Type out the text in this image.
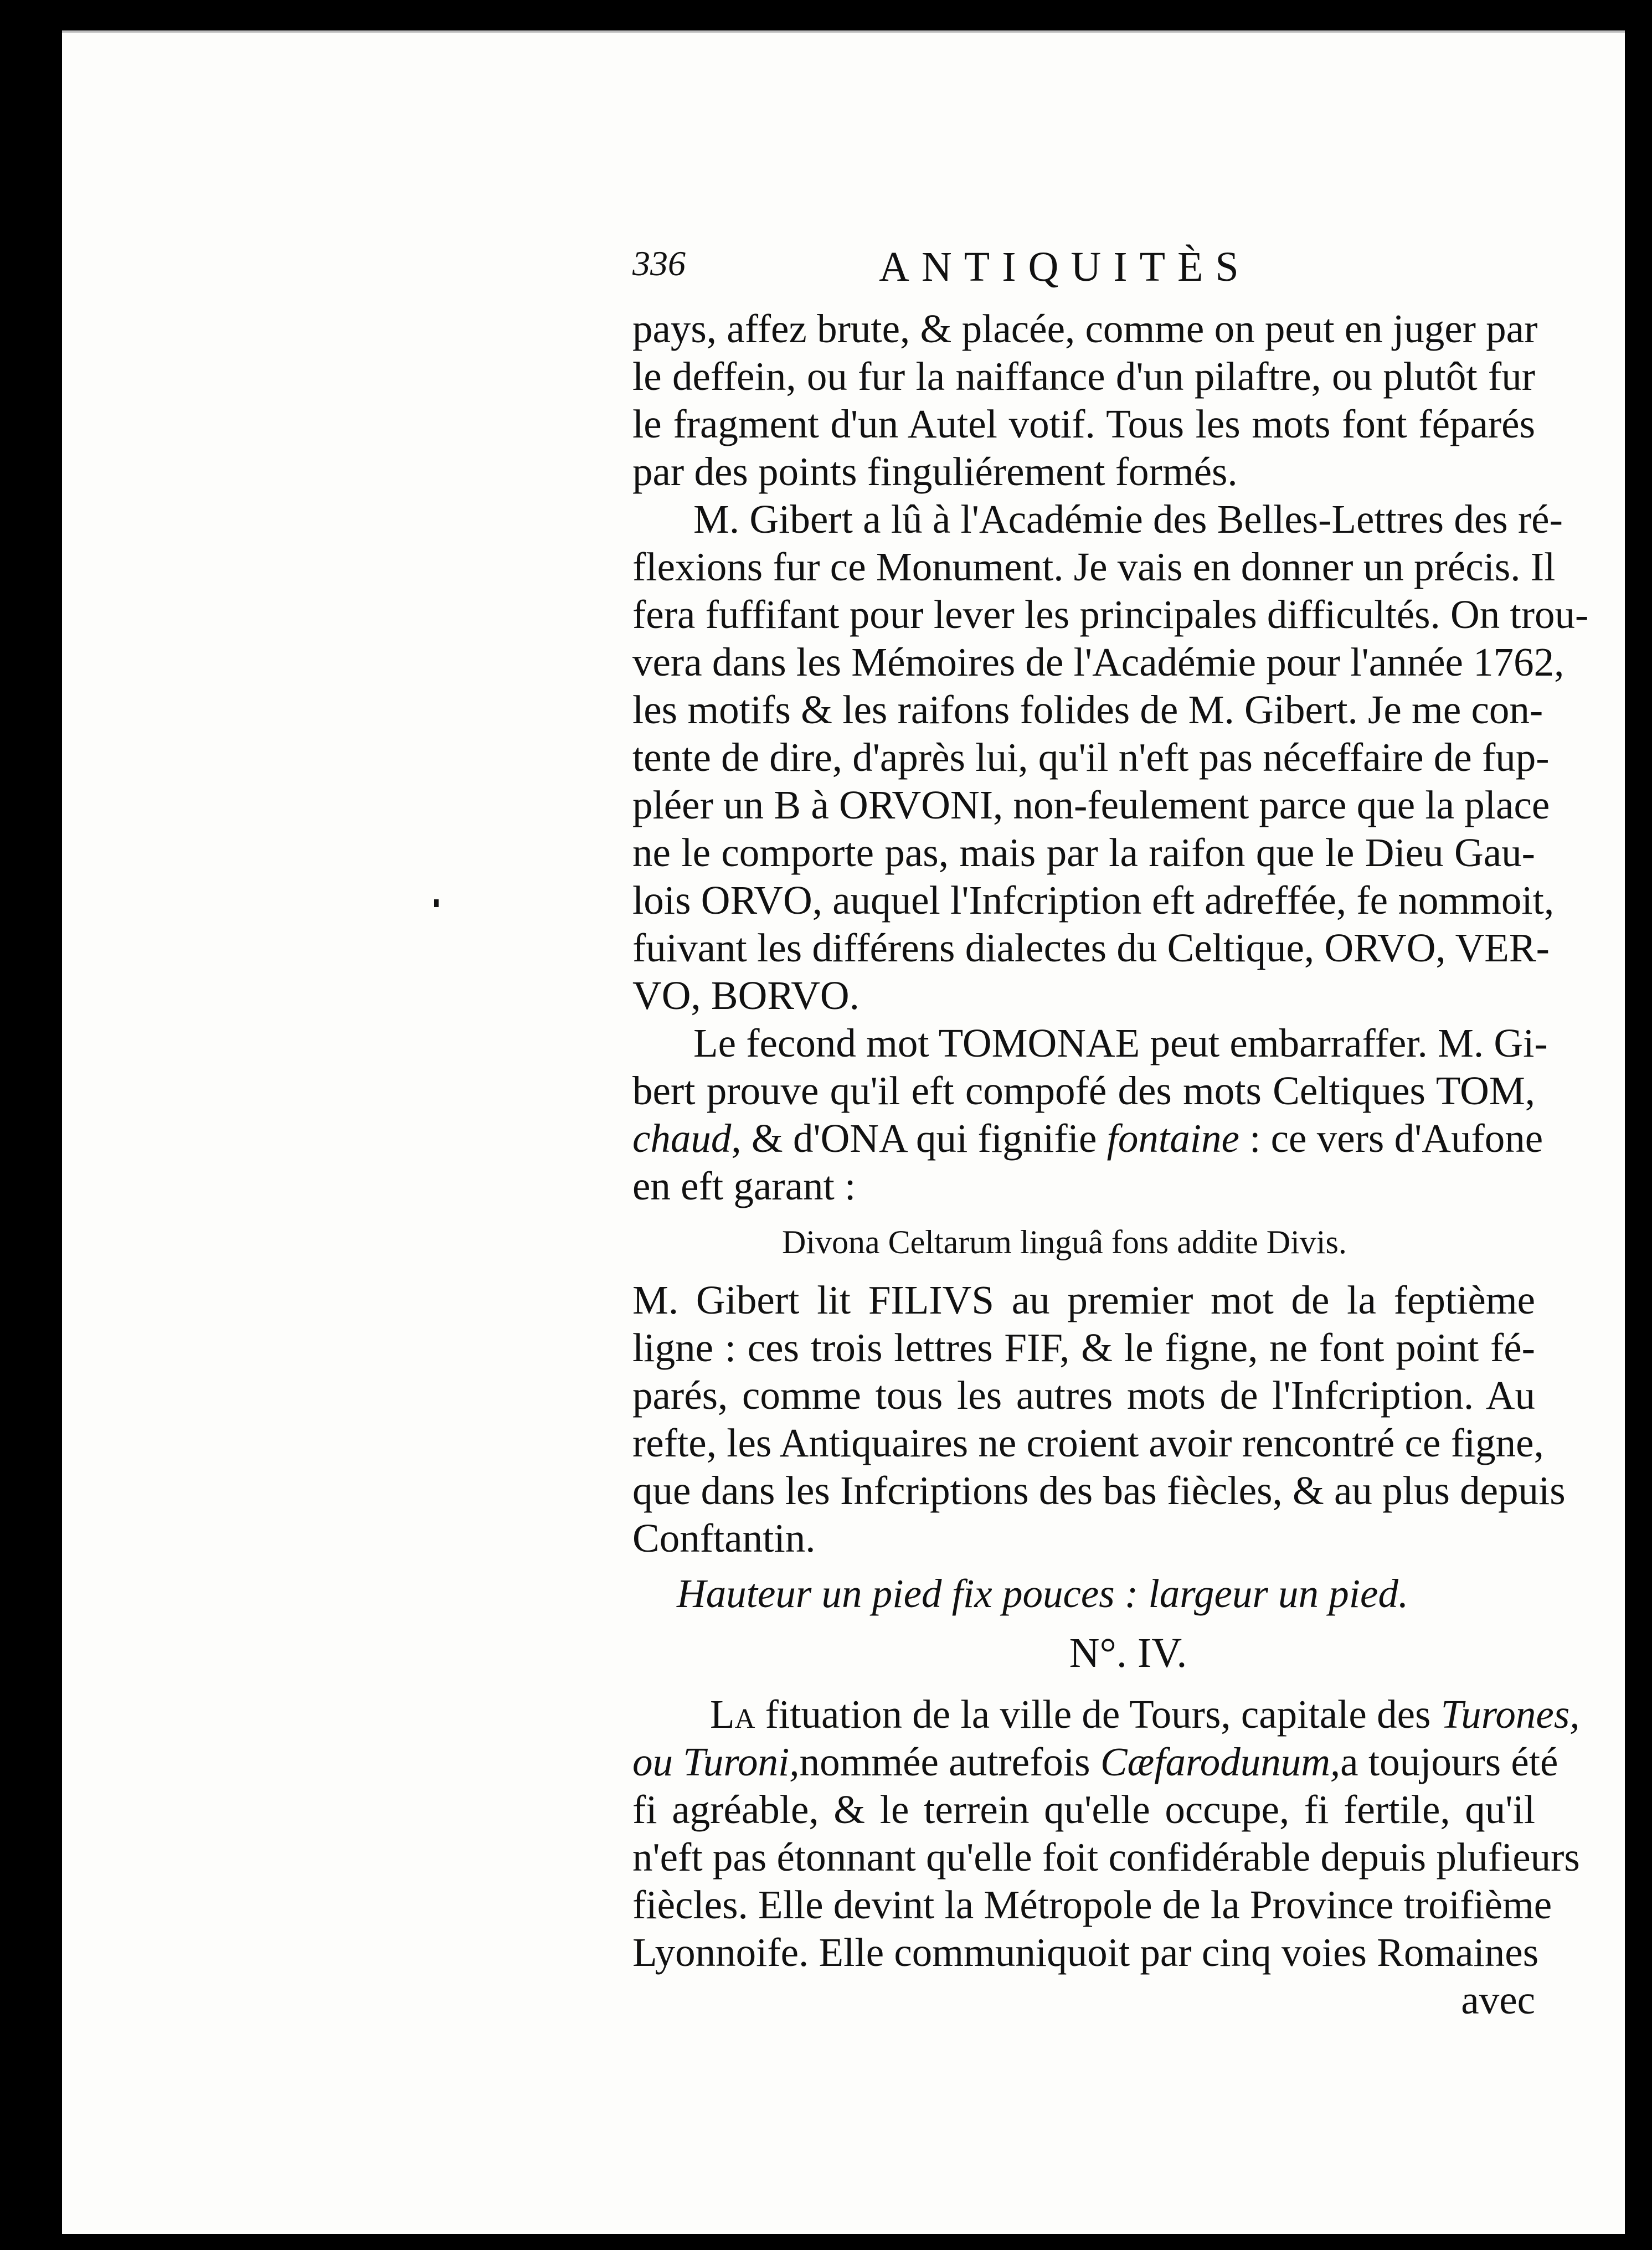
336	ANTIQUITÈS
pays, affez brute, & placée, comme on peut en juger par
le deffein, ou fur la naiffance d'un pilaftre, ou plutôt fur
le fragment d'un Autel votif. Tous les mots font féparés
par des points finguliérement formés.
M. Gibert a lû à l'Académie des Belles-Lettres des ré-
flexions fur ce Monument. Je vais en donner un précis. Il
fera fuffifant pour lever les principales difficultés. On trou-
vera dans les Mémoires de l'Académie pour l'année 1762,
les motifs & les raifons folides de M. Gibert. Je me con-
tente de dire, d'après lui, qu'il n'eft pas néceffaire de fup-
pléer un B à ORVONI, non-feulement parce que la place
ne le comporte pas, mais par la raifon que le Dieu Gau-
lois ORVO, auquel l'Infcription eft adreffée, fe nommoit,
fuivant les différens dialectes du Celtique, ORVO, VER-
VO, BORVO.
Le fecond mot TOMONAE peut embarraffer. M. Gi-
bert prouve qu'il eft compofé des mots Celtiques TOM,
chaud, & d'ONA qui fignifie fontaine : ce vers d'Aufone
en eft garant :
Divona Celtarum linguâ fons addite Divis.
M. Gibert lit FILIVS au premier mot de la feptième
ligne : ces trois lettres FIF, & le figne, ne font point fé-
parés, comme tous les autres mots de l'Infcription. Au
refte, les Antiquaires ne croient avoir rencontré ce figne,
que dans les Infcriptions des bas fiècles, & au plus depuis
Conftantin.
Hauteur un pied fix pouces : largeur un pied.
N°. IV.
La fituation de la ville de Tours, capitale des Turones,
ou Turoni,nommée autrefois Cæfarodunum,a toujours été
fi agréable, & le terrein qu'elle occupe, fi fertile, qu'il
n'eft pas étonnant qu'elle foit confidérable depuis plufieurs
fiècles. Elle devint la Métropole de la Province troifième
Lyonnoife. Elle communiquoit par cinq voies Romaines
avec
